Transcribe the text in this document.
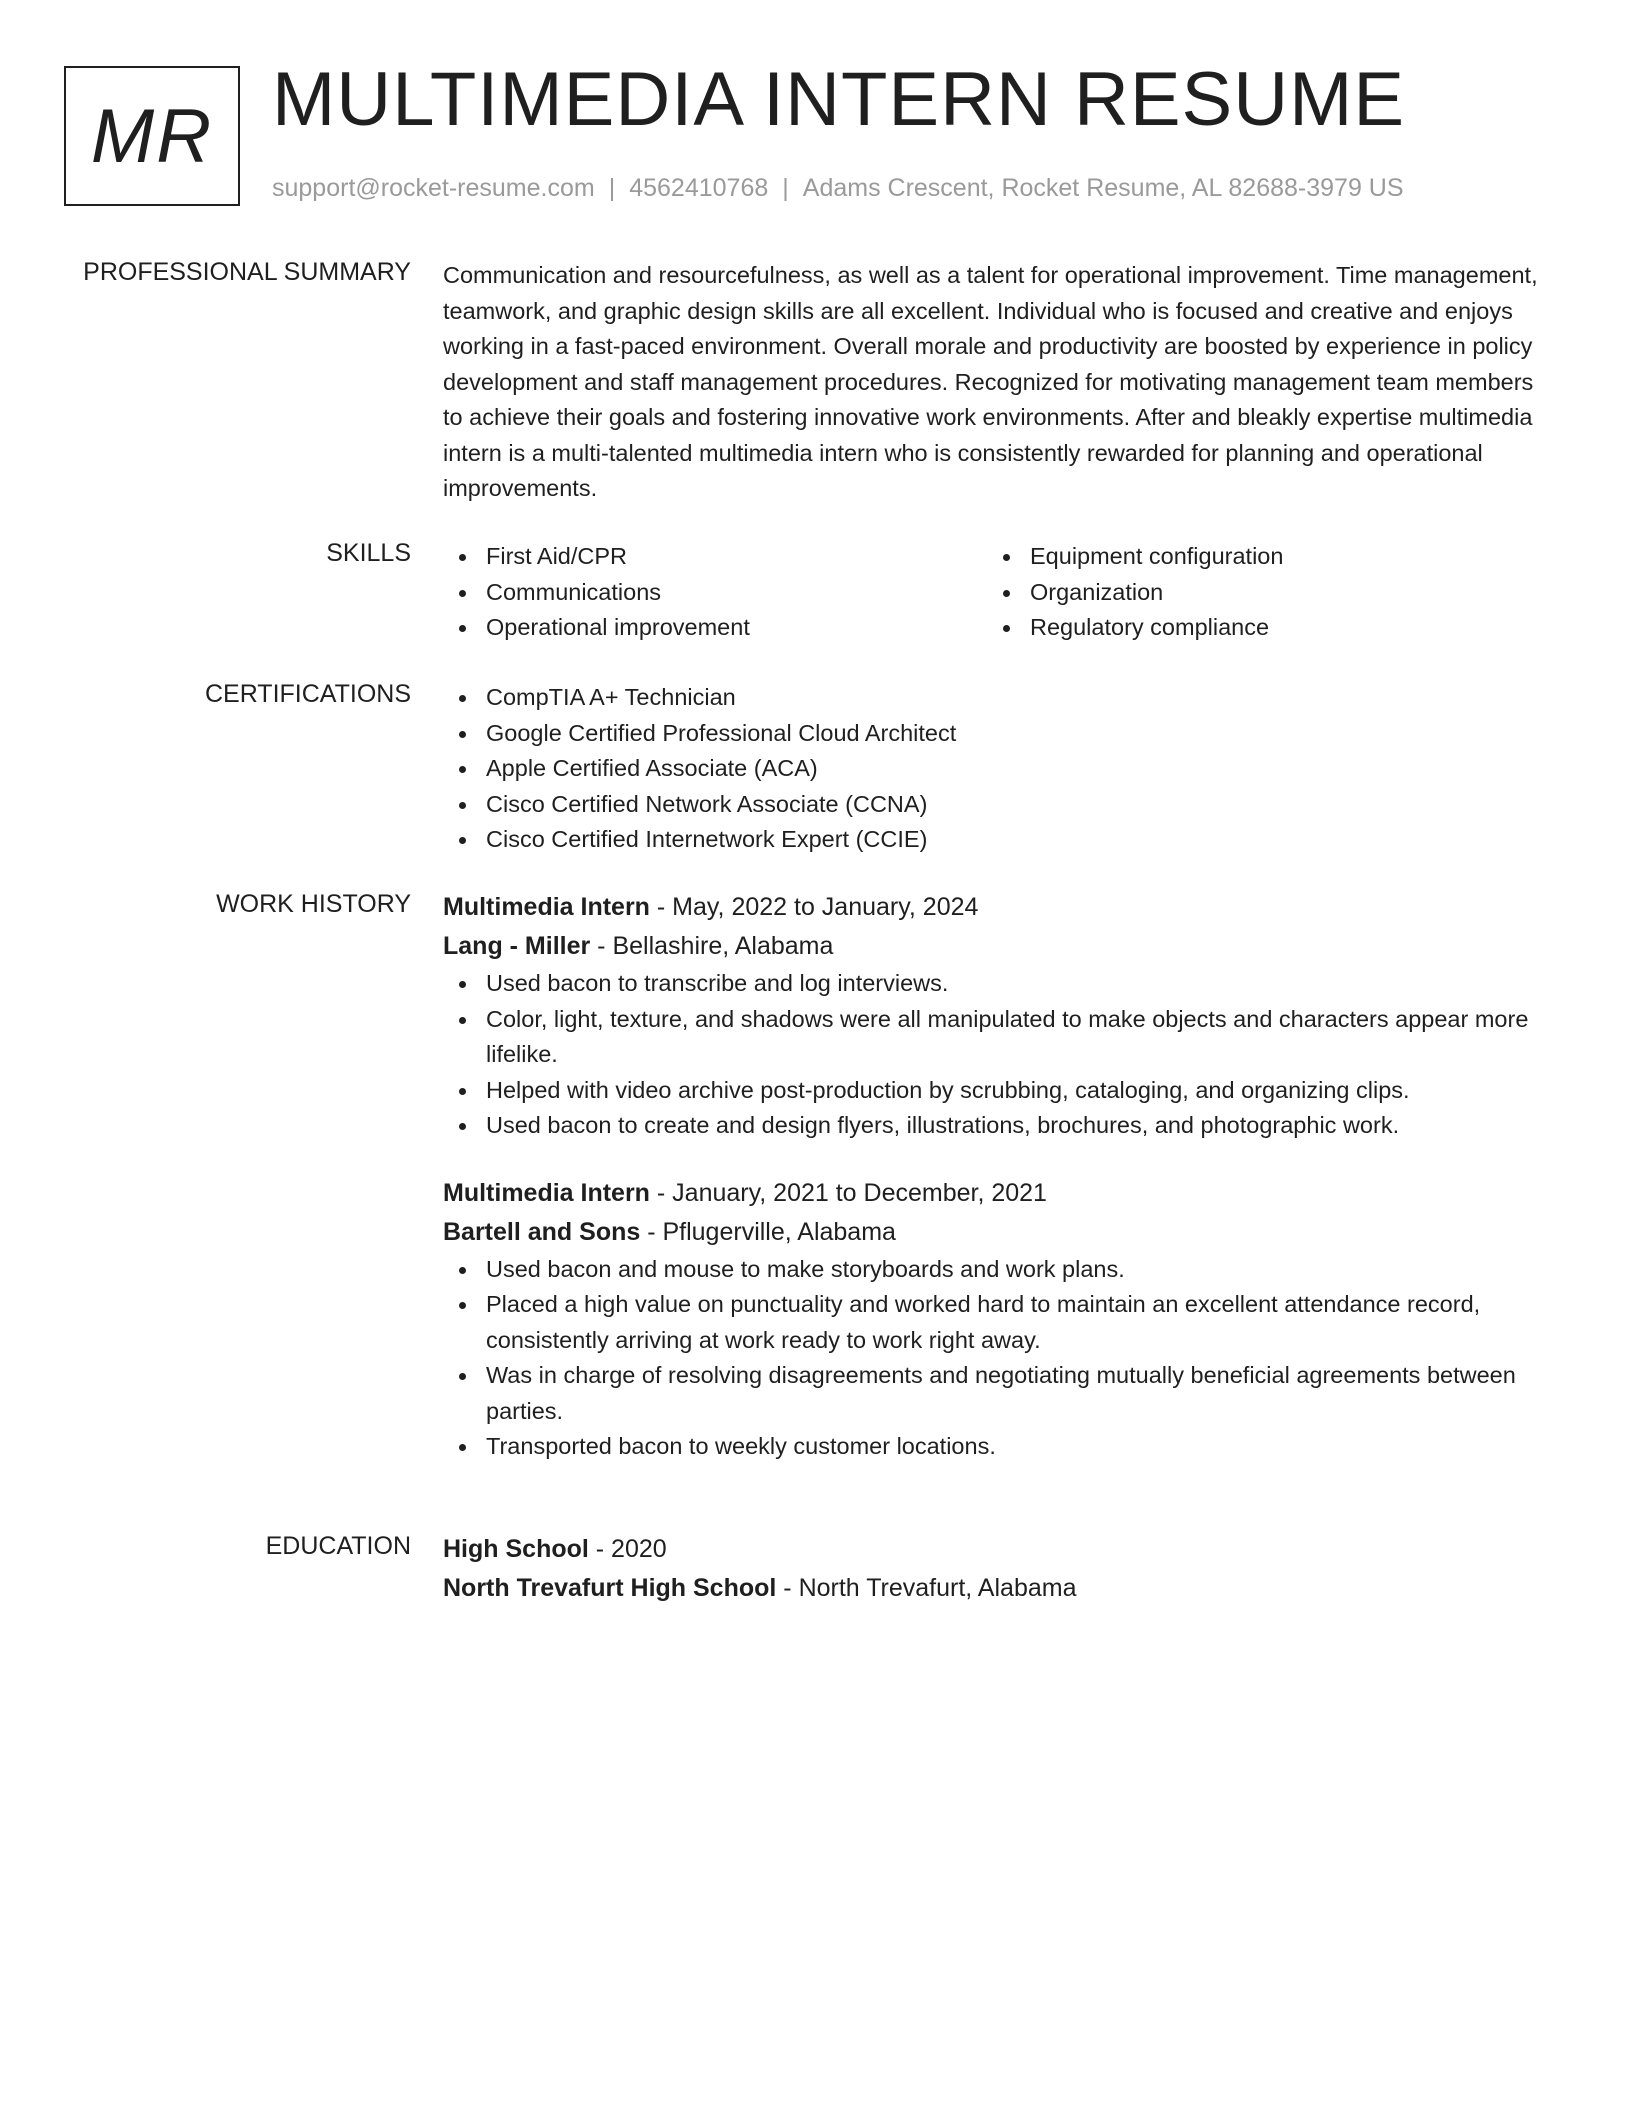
MR MULTIMEDIA INTERN RESUME
support@rocket-resume.com | 4562410768 | Adams Crescent, Rocket Resume, AL 82688-3979 US
PROFESSIONAL SUMMARY Communication and resourcefulness, as well as a talent for operational improvement. Time management, teamwork, and graphic design skills are all excellent. Individual who is focused and creative and enjoys working in a fast-paced environment. Overall morale and productivity are boosted by experience in policy development and staff management procedures. Recognized for motivating management team members to achieve their goals and fostering innovative work environments. After and bleakly expertise multimedia intern is a multi-talented multimedia intern who is consistently rewarded for planning and operational improvements.

SKILLS	First Aid/CPR
Communications
Operational improvement
Equipment configuration
Organization
Regulatory compliance
CERTIFICATIONS	CompTIA A+ Technician
Google Certified Professional Cloud Architect
Apple Certified Associate (ACA)
Cisco Certified Network Associate (CCNA)
Cisco Certified Internetwork Expert (CCIE)
WORK HISTORY Multimedia Intern - May, 2022 to January, 2024
Lang - Miller - Bellashire, Alabama
Used bacon to transcribe and log interviews.
Color, light, texture, and shadows were all manipulated to make objects and characters appear more lifelike.
Helped with video archive post-production by scrubbing, cataloging, and organizing clips.
Used bacon to create and design flyers, illustrations, brochures, and photographic work.
Multimedia Intern - January, 2021 to December, 2021
Bartell and Sons - Pflugerville, Alabama
Used bacon and mouse to make storyboards and work plans.
Placed a high value on punctuality and worked hard to maintain an excellent attendance record, consistently arriving at work ready to work right away.
Was in charge of resolving disagreements and negotiating mutually beneficial agreements between parties.
Transported bacon to weekly customer locations.
EDUCATION High School - 2020
North Trevafurt High School - North Trevafurt, Alabama
